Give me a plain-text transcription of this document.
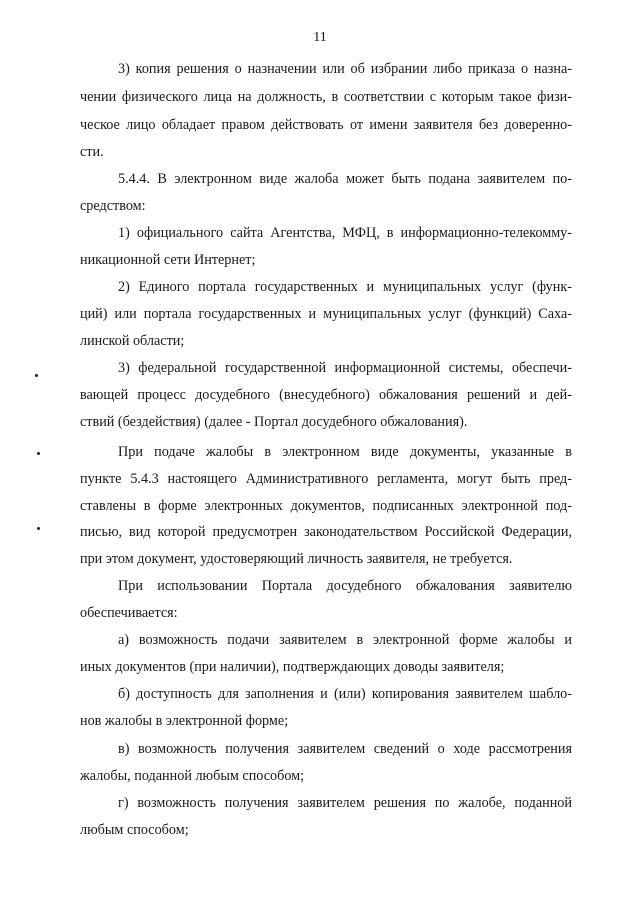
11

3) копия решения о назначении или об избрании либо приказа о назна-

чении физического лица на должность, в соответствии с которым такое физи-

ческое лицо обладает правом действовать от имени заявителя без доверенно-

сти.

5.4.4. В электронном виде жалоба может быть подана заявителем по-

средством:

1) официального сайта Агентства, МФЦ, в информационно-телекомму-

никационной сети Интернет;

2) Единого портала государственных и муниципальных услуг (функ-

ций) или портала государственных и муниципальных услуг (функций) Саха-

линской области;

3) федеральной государственной информационной системы, обеспечи-

вающей процесс досудебного (внесудебного) обжалования решений и дей-

ствий (бездействия) (далее - Портал досудебного обжалования).

При подаче жалобы в электронном виде документы, указанные в

пункте 5.4.3 настоящего Административного регламента, могут быть пред-

ставлены в форме электронных документов, подписанных электронной под-

писью, вид которой предусмотрен законодательством Российской Федерации,

при этом документ, удостоверяющий личность заявителя, не требуется.

При использовании Портала досудебного обжалования заявителю

обеспечивается:

а) возможность подачи заявителем в электронной форме жалобы и

иных документов (при наличии), подтверждающих доводы заявителя;

б) доступность для заполнения и (или) копирования заявителем шабло-

нов жалобы в электронной форме;

в) возможность получения заявителем сведений о ходе рассмотрения

жалобы, поданной любым способом;

г) возможность получения заявителем решения по жалобе, поданной

любым способом;
